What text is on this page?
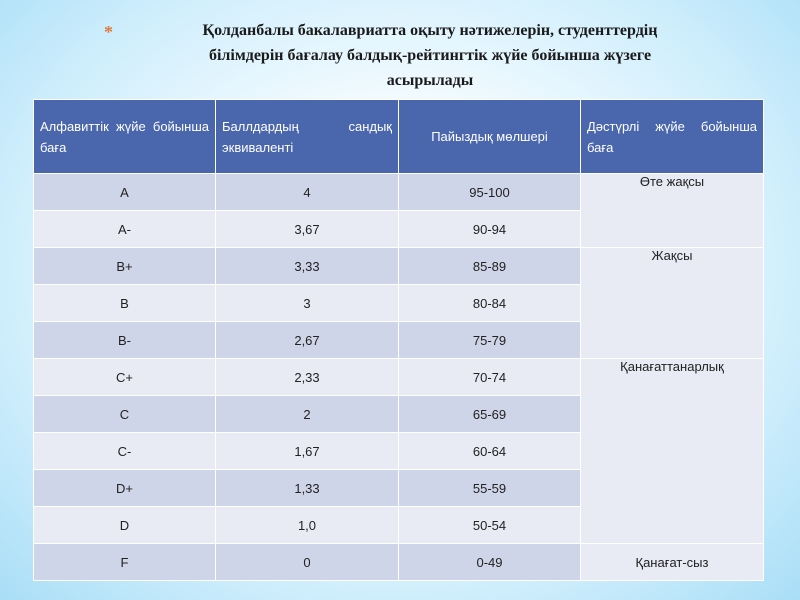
*	Қолданбалы бакалавриатта оқыту нәтижелерін, студенттердің
білімдерін бағалау балдық-рейтингтік жүйе бойынша жүзеге
асырылады
Алфавиттік жүйе бойынша баға	Баллдардың сандық эквиваленті	Пайыздық мөлшері	Дәстүрлі жүйе бойынша баға
A	4	95-100	Өте жақсы
A-	3,67	90-94	
B+	3,33	85-89	Жақсы
B	3	80-84	
B-	2,67	75-79	
C+	2,33	70-74	Қанағаттанарлық
C	2	65-69	
C-	1,67	60-64	
D+	1,33	55-59	
D	1,0	50-54	
F	0	0-49	Қанағат-сыз
